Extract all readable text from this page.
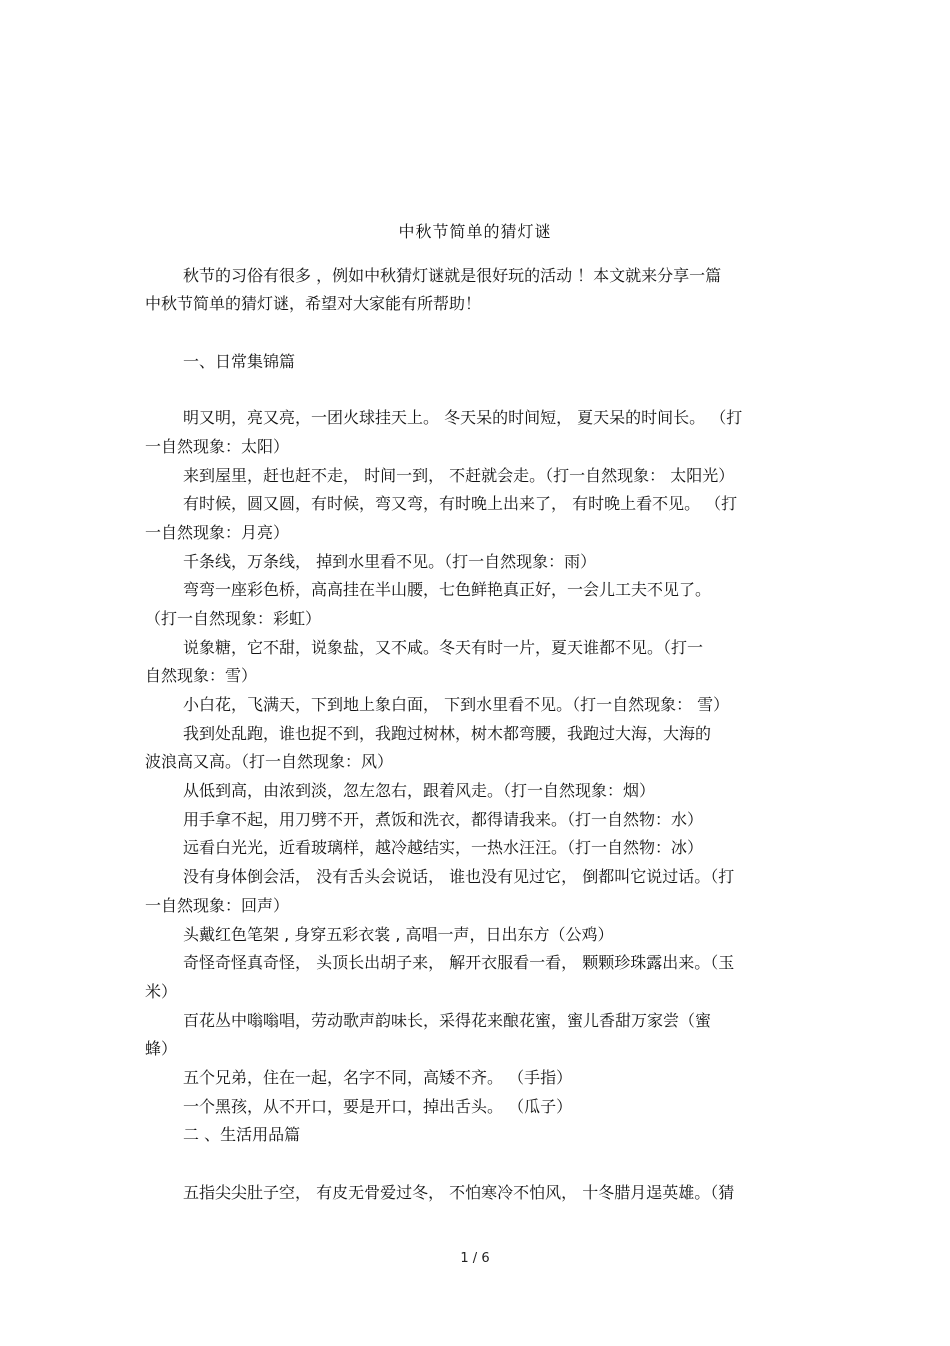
中秋节简单的猜灯谜
秋节的习俗有很多 ，例如中秋猜灯谜就是很好玩的活动 ！本文就来分享一篇
中秋节简单的猜灯谜，希望对大家能有所帮助！
一、日常集锦篇
明又明，亮又亮，一团火球挂天上。 冬天呆的时间短， 夏天呆的时间长。 （打
一自然现象：太阳）
来到屋里，赶也赶不走， 时间一到， 不赶就会走。（打一自然现象： 太阳光）
有时候，圆又圆，有时候，弯又弯，有时晚上出来了， 有时晚上看不见。 （打
一自然现象：月亮）
千条线，万条线， 掉到水里看不见。（打一自然现象：雨）
弯弯一座彩色桥，高高挂在半山腰，七色鲜艳真正好，一会儿工夫不见了。
（打一自然现象：彩虹）
说象糖，它不甜，说象盐，又不咸。冬天有时一片，夏天谁都不见。（打一
自然现象：雪）
小白花，飞满天，下到地上象白面， 下到水里看不见。（打一自然现象： 雪）
我到处乱跑，谁也捉不到，我跑过树林，树木都弯腰，我跑过大海，大海的
波浪高又高。（打一自然现象：风）
从低到高，由浓到淡，忽左忽右，跟着风走。（打一自然现象：烟）
用手拿不起，用刀劈不开，煮饭和洗衣，都得请我来。（打一自然物：水）
远看白光光，近看玻璃样，越冷越结实，一热水汪汪。（打一自然物：冰）
没有身体倒会活， 没有舌头会说话， 谁也没有见过它， 倒都叫它说过话。（打
一自然现象：回声）
头戴红色笔架 , 身穿五彩衣裳 , 高唱一声，日出东方（公鸡）
奇怪奇怪真奇怪， 头顶长出胡子来， 解开衣服看一看， 颗颗珍珠露出来。（玉
米）
百花丛中嗡嗡唱，劳动歌声韵味长，采得花来酿花蜜，蜜儿香甜万家尝（蜜
蜂）
五个兄弟，住在一起，名字不同，高矮不齐。 （手指）
一个黑孩，从不开口，要是开口，掉出舌头。 （瓜子）
二 、生活用品篇
五指尖尖肚子空， 有皮无骨爱过冬， 不怕寒冷不怕风， 十冬腊月逞英雄。（猜
1 / 6
